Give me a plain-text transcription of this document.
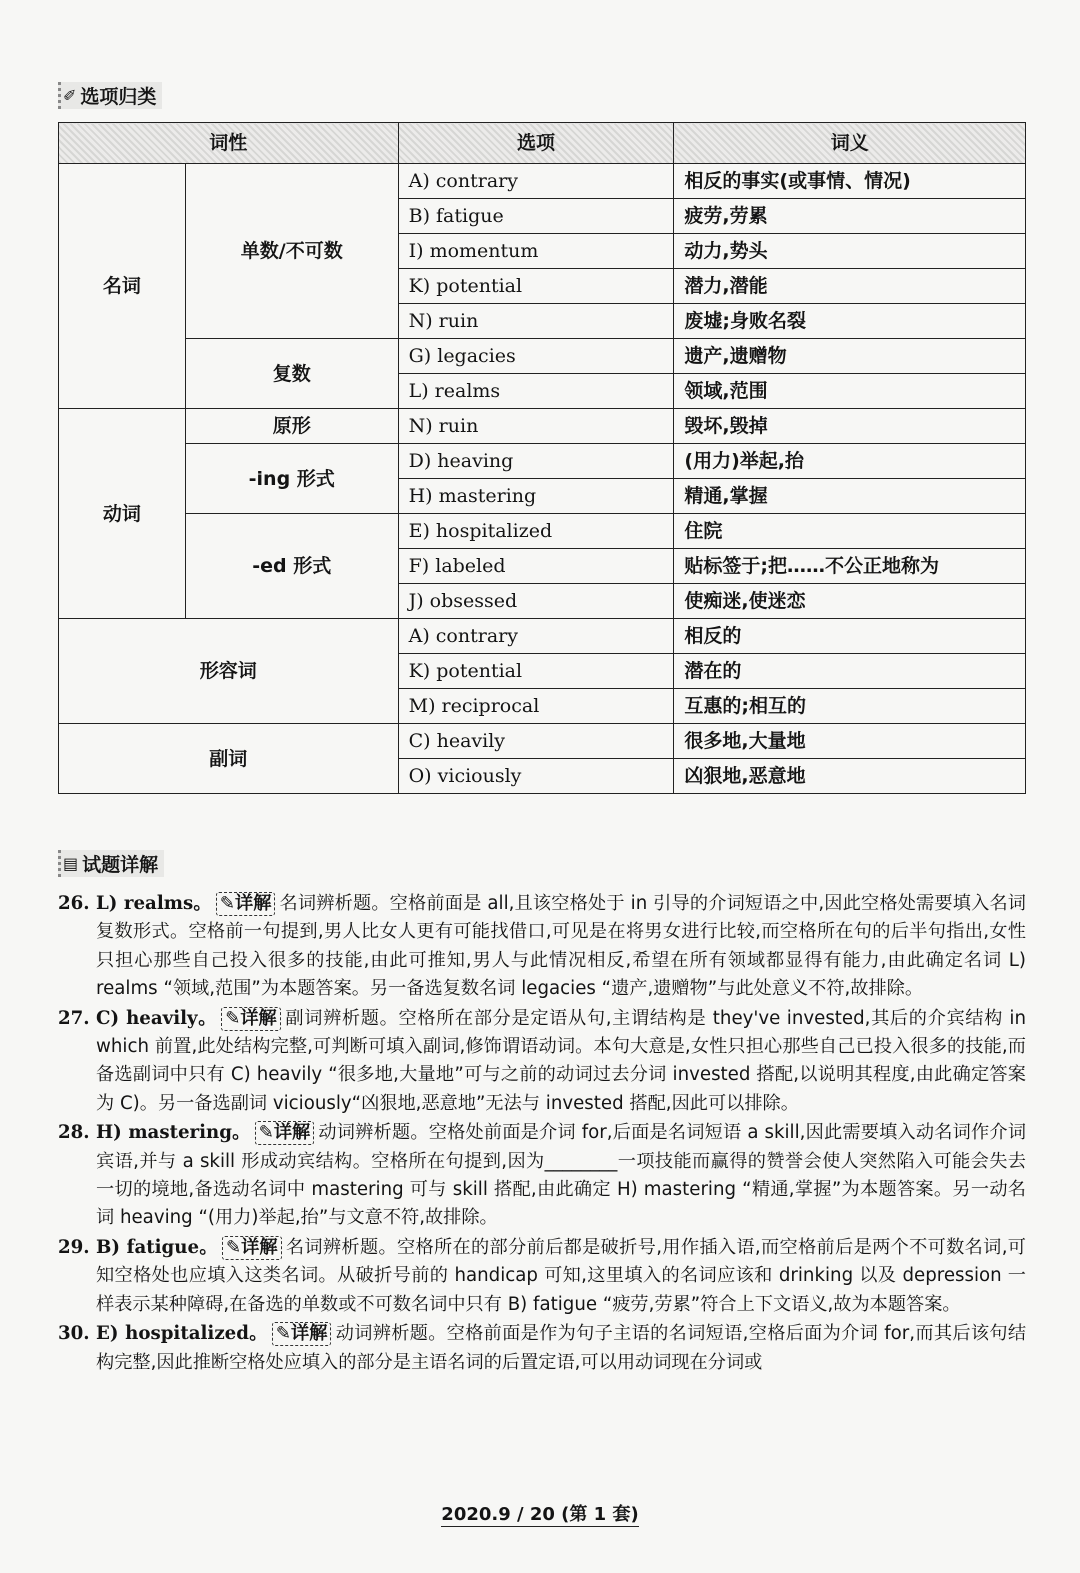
✐ 选项归类
词性		选项	词义
名词	单数/不可数	A) contrary	相反的事实(或事情、情况)
		B) fatigue	疲劳,劳累
		I) momentum	动力,势头
		K) potential	潜力,潜能
		N) ruin	废墟;身败名裂
	复数	G) legacies	遗产,遗赠物
		L) realms	领域,范围
动词	原形	N) ruin	毁坏,毁掉
	-ing 形式	D) heaving	(用力)举起,抬
		H) mastering	精通,掌握
	-ed 形式	E) hospitalized	住院
		F) labeled	贴标签于;把……不公正地称为
		J) obsessed	使痴迷,使迷恋
形容词		A) contrary	相反的
		K) potential	潜在的
		M) reciprocal	互惠的;相互的
副词		C) heavily	很多地,大量地
		O) viciously	凶狠地,恶意地
▤ 试题详解
26. L) realms。 ✎详解 名词辨析题。空格前面是 all,且该空格处于 in 引导的介词短语之中,因此空格处需要填入名词复数形式。空格前一句提到,男人比女人更有可能找借口,可见是在将男女进行比较,而空格所在句的后半句指出,女性只担心那些自己投入很多的技能,由此可推知,男人与此情况相反,希望在所有领域都显得有能力,由此确定名词 L) realms “领域,范围”为本题答案。另一备选复数名词 legacies “遗产,遗赠物”与此处意义不符,故排除。
27. C) heavily。 ✎详解 副词辨析题。空格所在部分是定语从句,主谓结构是 they've invested,其后的介宾结构 in which 前置,此处结构完整,可判断可填入副词,修饰谓语动词。本句大意是,女性只担心那些自己已投入很多的技能,而备选副词中只有 C) heavily “很多地,大量地”可与之前的动词过去分词 invested 搭配,以说明其程度,由此确定答案为 C)。另一备选副词 viciously“凶狠地,恶意地”无法与 invested 搭配,因此可以排除。
28. H) mastering。 ✎详解 动词辨析题。空格处前面是介词 for,后面是名词短语 a skill,因此需要填入动名词作介词宾语,并与 a skill 形成动宾结构。空格所在句提到,因为________一项技能而赢得的赞誉会使人突然陷入可能会失去一切的境地,备选动名词中 mastering 可与 skill 搭配,由此确定 H) mastering “精通,掌握”为本题答案。另一动名词 heaving “(用力)举起,抬”与文意不符,故排除。
29. B) fatigue。 ✎详解 名词辨析题。空格所在的部分前后都是破折号,用作插入语,而空格前后是两个不可数名词,可知空格处也应填入这类名词。从破折号前的 handicap 可知,这里填入的名词应该和 drinking 以及 depression 一样表示某种障碍,在备选的单数或不可数名词中只有 B) fatigue “疲劳,劳累”符合上下文语义,故为本题答案。
30. E) hospitalized。 ✎详解 动词辨析题。空格前面是作为句子主语的名词短语,空格后面为介词 for,而其后该句结构完整,因此推断空格处应填入的部分是主语名词的后置定语,可以用动词现在分词或
2020.9 / 20 (第 1 套)
